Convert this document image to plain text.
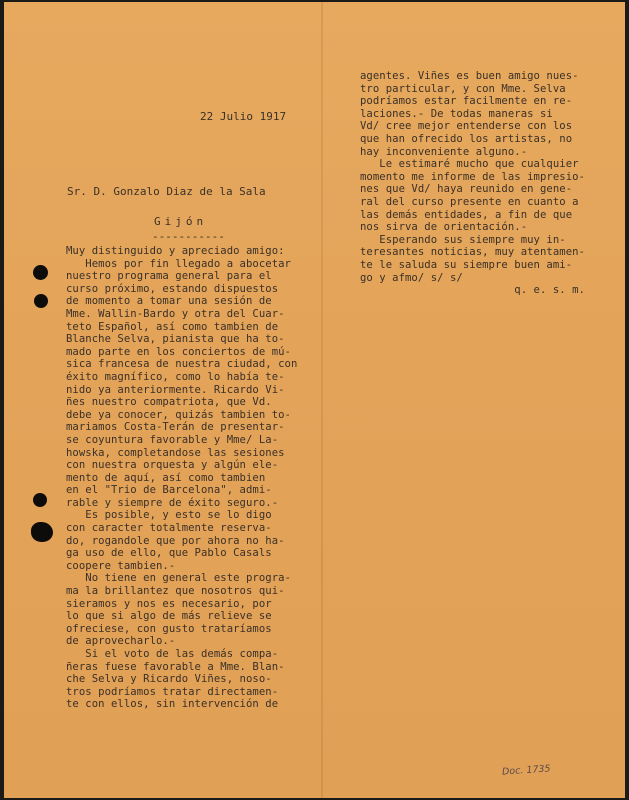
22 Julio 1917
Sr. D. Gonzalo Diaz de la Sala
Gijón
-----------
Muy distinguido y apreciado amigo:
Hemos por fin llegado a abocetar
nuestro programa general para el
curso próximo, estando dispuestos
de momento a tomar una sesión de
Mme. Wallin-Bardo y otra del Cuar-
teto Español, así como tambien de
Blanche Selva, pianista que ha to-
mado parte en los conciertos de mú-
sica francesa de nuestra ciudad, con
éxito magnífico, como lo había te-
nido ya anteriormente. Ricardo Vi-
ñes nuestro compatriota, que Vd.
debe ya conocer, quizás tambien to-
mariamos Costa-Terán de presentar-
se coyuntura favorable y Mme/ La-
howska, completandose las sesiones
con nuestra orquesta y algún ele-
mento de aquí, así como tambien
en el "Trio de Barcelona", admi-
rable y siempre de éxito seguro.-
Es posible, y esto se lo digo
con caracter totalmente reserva-
do, rogandole que por ahora no ha-
ga uso de ello, que Pablo Casals
coopere tambien.-
No tiene en general este progra-
ma la brillantez que nosotros qui-
sieramos y nos es necesario, por
lo que si algo de más relieve se
ofreciese, con gusto trataríamos
de aprovecharlo.-
Si el voto de las demás compa-
ñeras fuese favorable a Mme. Blan-
che Selva y Ricardo Viñes, noso-
tros podríamos tratar directamen-
te con ellos, sin intervención de
agentes. Viñes es buen amigo nues-
tro particular, y con Mme. Selva
podríamos estar facilmente en re-
laciones.- De todas maneras si
Vd/ cree mejor entenderse con los
que han ofrecido los artistas, no
hay inconveniente alguno.-
Le estimaré mucho que cualquier
momento me informe de las impresio-
nes que Vd/ haya reunido en gene-
ral del curso presente en cuanto a
las demás entidades, a fin de que
nos sirva de orientación.-
Esperando sus siempre muy in-
teresantes noticias, muy atentamen-
te le saluda su siempre buen ami-
go y afmo/ s/ s/
q. e. s. m.
Doc. 1735
